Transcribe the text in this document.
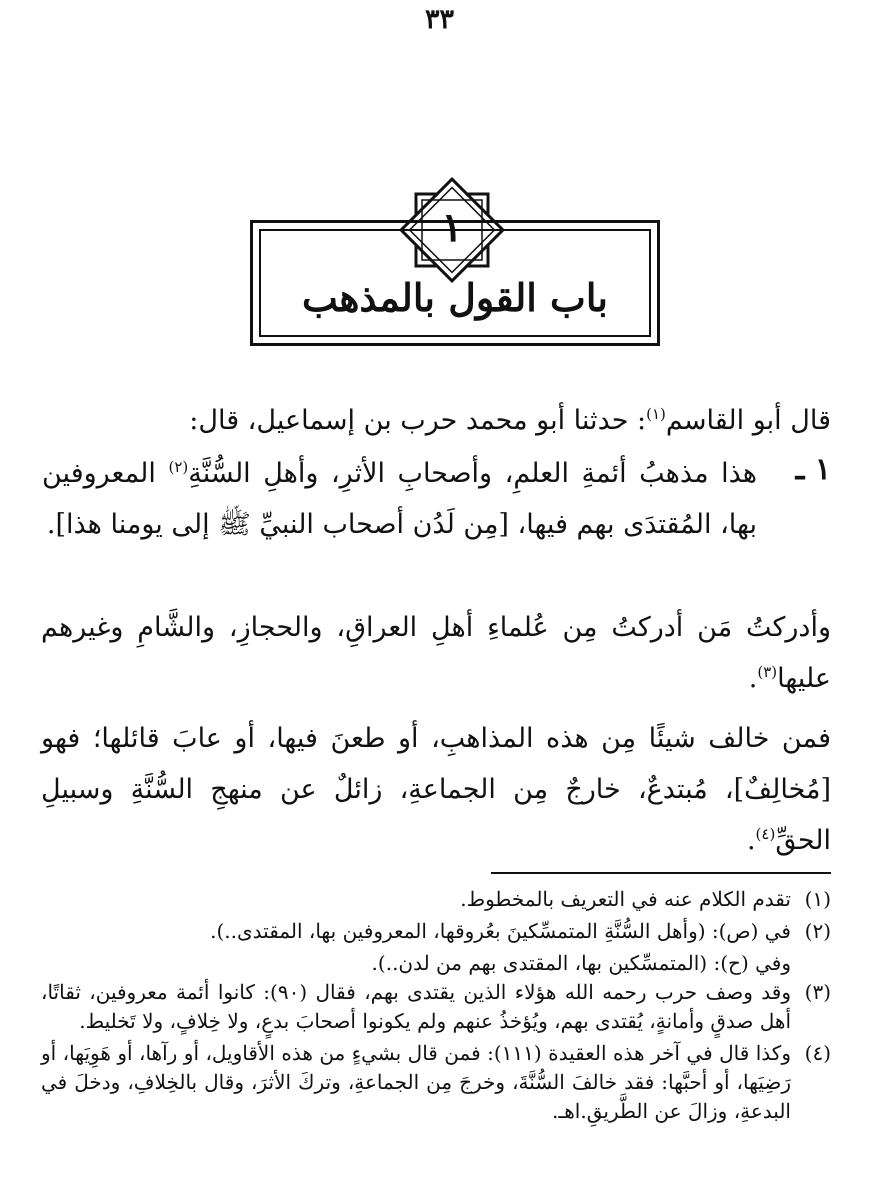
٣٣
باب القول بالمذهب
١
قال أبو القاسم$^{(١)}$: حدثنا أبو محمد حرب بن إسماعيل، قال:
١ ـ
هذا مذهبُ أئمةِ العلمِ، وأصحابِ الأثرِ، وأهلِ السُّنَّةِ$^{(٢)}$ المعروفين بها، المُقتدَى بهم فيها، [مِن لَدُن أصحاب النبيِّ ﷺ إلى يومنا هذا].
وأدركتُ مَن أدركتُ مِن عُلماءِ أهلِ العراقِ، والحجازِ، والشَّامِ وغيرهم عليها$^{(٣)}$.
فمن خالف شيئًا مِن هذه المذاهبِ، أو طعنَ فيها، أو عابَ قائلها؛ فهو [مُخالِفٌ]، مُبتدعٌ، خارجٌ مِن الجماعةِ، زائلٌ عن منهجِ السُّنَّةِ وسبيلِ الحقِّ$^{(٤)}$.
(١)
تقدم الكلام عنه في التعريف بالمخطوط.
(٢)
في (ص): (وأهل السُّنَّةِ المتمسِّكينَ بعُروقها، المعروفين بها، المقتدى..).
وفي (ح): (المتمسِّكين بها، المقتدى بهم من لدن..).
(٣)
وقد وصف حرب رحمه الله هؤلاء الذين يقتدى بهم، فقال (٩٠): كانوا أئمة معروفين، ثقاتًا، أهل صدقٍ وأمانةٍ، يُقتدى بهم، ويُؤخذُ عنهم ولم يكونوا أصحابَ بدعٍ، ولا خِلافٍ، ولا تَخليط.
(٤)
وكذا قال في آخر هذه العقيدة (١١١): فمن قال بشيءٍ من هذه الأقاويل، أو رآها، أو هَوِيَها، أو رَضِيَها، أو أحبَّها: فقد خالفَ السُّنَّةَ، وخرجَ مِن الجماعةِ، وتركَ الأثرَ، وقال بالخِلافِ، ودخلَ في البدعةِ، وزالَ عن الطَّريقِ.اهـ.
